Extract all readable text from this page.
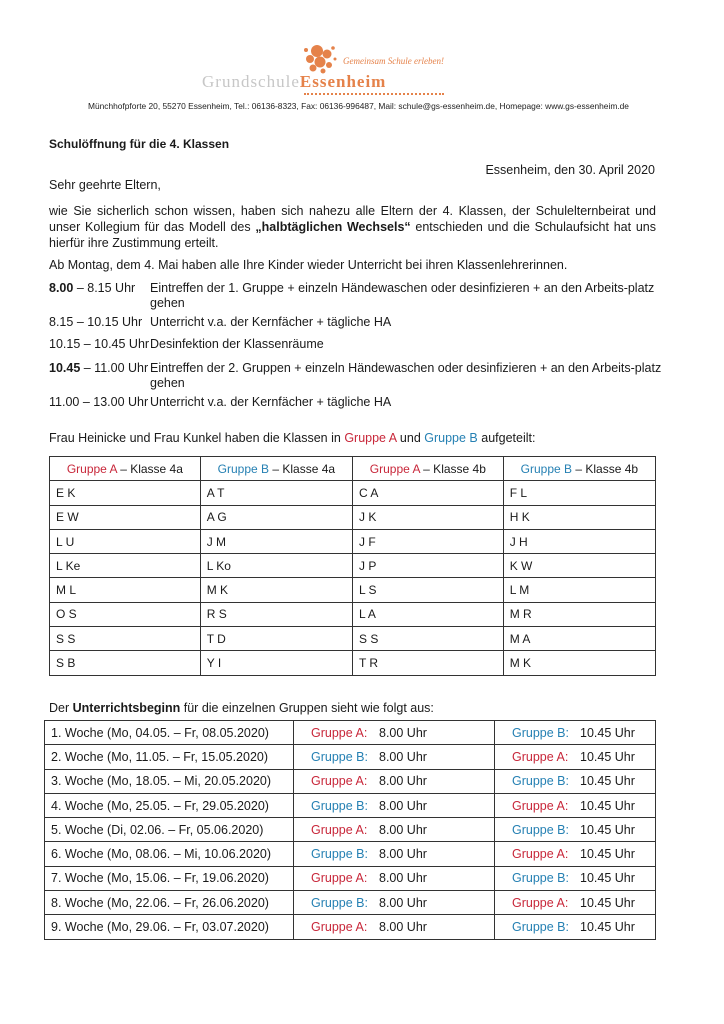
Gemeinsam Schule erleben!
GrundschuleEssenheim
Münchhofpforte 20, 55270 Essenheim, Tel.: 06136-8323, Fax: 06136-996487, Mail: schule@gs-essenheim.de, Homepage: www.gs-essenheim.de
Schulöffnung für die 4. Klassen
Essenheim, den 30. April 2020
Sehr geehrte Eltern,
wie Sie sicherlich schon wissen, haben sich nahezu alle Eltern der 4. Klassen, der Schulelternbeirat und unser Kollegium für das Modell des „halbtäglichen Wechsels“ entschieden und die Schulaufsicht hat uns hierfür ihre Zustimmung erteilt.
Ab Montag, dem 4. Mai haben alle Ihre Kinder wieder Unterricht bei ihren Klassenlehrerinnen.
8.00 – 8.15 Uhr	Eintreffen der 1. Gruppe + einzeln Händewaschen oder desinfizieren + an den Arbeits-platz gehen
8.15 – 10.15 Uhr Unterricht v.a. der Kernfächer + tägliche HA
10.15 – 10.45 Uhr Desinfektion der Klassenräume
10.45 – 11.00 Uhr Eintreffen der 2. Gruppen + einzeln Händewaschen oder desinfizieren + an den Arbeits-platz gehen
11.00 – 13.00 Uhr Unterricht v.a. der Kernfächer + tägliche HA
Frau Heinicke und Frau Kunkel haben die Klassen in Gruppe A und Gruppe B aufgeteilt:
Gruppe A – Klasse 4a	Gruppe B – Klasse 4a	Gruppe A – Klasse 4b	Gruppe B – Klasse 4b
E K	A T	C A	F L
E W	A G	J K	H K
L U	J M	J F	J H
L Ke	L Ko	J P	K W
M L	M K	L S	L M
O S	R S	L A	M R
S S	T D	S S	M A
S B	Y I	T R	M K
Der Unterrichtsbeginn für die einzelnen Gruppen sieht wie folgt aus:
1. Woche (Mo, 04.05. – Fr, 08.05.2020)	Gruppe A: 8.00 Uhr	Gruppe B: 10.45 Uhr
2. Woche (Mo, 11.05. – Fr, 15.05.2020)	Gruppe B: 8.00 Uhr	Gruppe A: 10.45 Uhr
3. Woche (Mo, 18.05. – Mi, 20.05.2020)	Gruppe A: 8.00 Uhr	Gruppe B: 10.45 Uhr
4. Woche (Mo, 25.05. – Fr, 29.05.2020)	Gruppe B: 8.00 Uhr	Gruppe A: 10.45 Uhr
5. Woche (Di, 02.06. – Fr, 05.06.2020)	Gruppe A: 8.00 Uhr	Gruppe B: 10.45 Uhr
6. Woche (Mo, 08.06. – Mi, 10.06.2020)	Gruppe B: 8.00 Uhr	Gruppe A: 10.45 Uhr
7. Woche (Mo, 15.06. – Fr, 19.06.2020)	Gruppe A: 8.00 Uhr	Gruppe B: 10.45 Uhr
8. Woche (Mo, 22.06. – Fr, 26.06.2020)	Gruppe B: 8.00 Uhr	Gruppe A: 10.45 Uhr
9. Woche (Mo, 29.06. – Fr, 03.07.2020)	Gruppe A: 8.00 Uhr	Gruppe B: 10.45 Uhr
